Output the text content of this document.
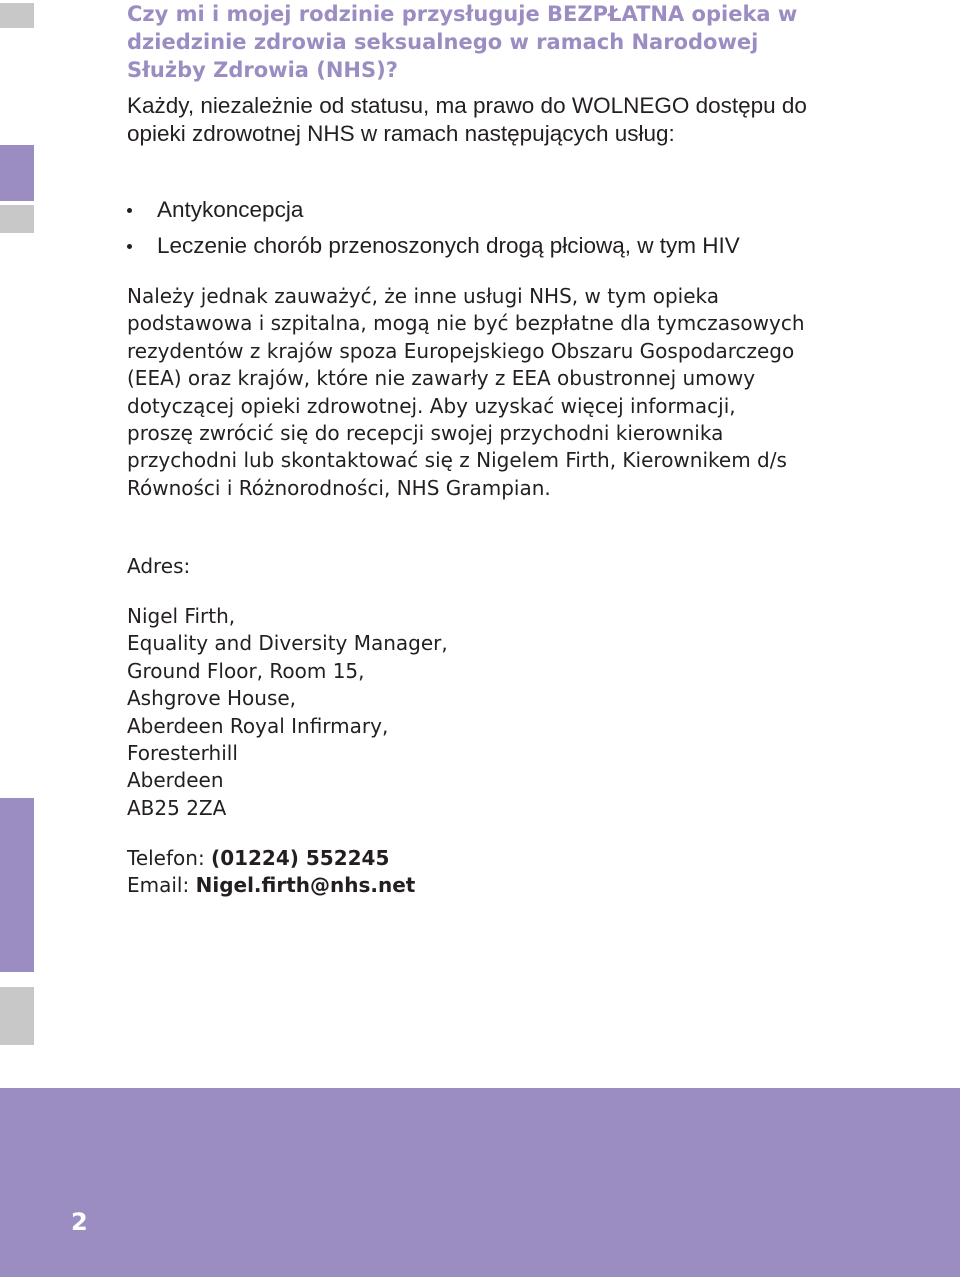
Czy mi i mojej rodzinie przysługuje BEZPŁATNA opieka w dziedzinie zdrowia seksualnego w ramach Narodowej Służby Zdrowia (NHS)?

Każdy, niezależnie od statusu, ma prawo do WOLNEGO dostępu do opieki zdrowotnej NHS w ramach następujących usług:

Antykoncepcja
Leczenie chorób przenoszonych drogą płciową, w tym HIV

Należy jednak zauważyć, że inne usługi NHS, w tym opieka podstawowa i szpitalna, mogą nie być bezpłatne dla tymczasowych rezydentów z krajów spoza Europejskiego Obszaru Gospodarczego (EEA) oraz krajów, które nie zawarły z EEA obustronnej umowy dotyczącej opieki zdrowotnej. Aby uzyskać więcej informacji, proszę zwrócić się do recepcji swojej przychodni kierownika przychodni lub skontaktować się z Nigelem Firth, Kierownikem d/s Równości i Różnorodności, NHS Grampian.

Adres:

Nigel Firth,
Equality and Diversity Manager,
Ground Floor, Room 15,
Ashgrove House,
Aberdeen Royal Infirmary,
Foresterhill
Aberdeen
AB25 2ZA
Telefon: (01224) 552245
Email: Nigel.firth@nhs.net
2
